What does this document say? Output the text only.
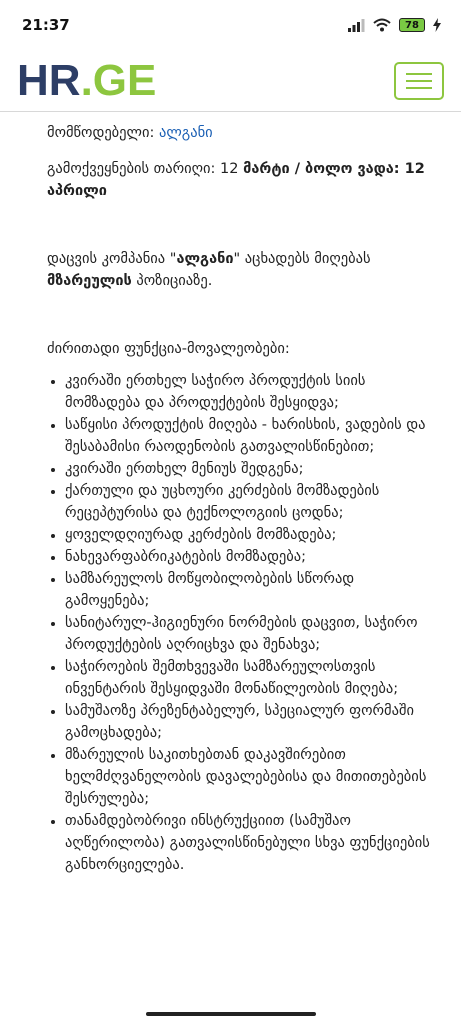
21:37	78
HR.GE

მომწოდებელი: ალგანი

გამოქვეყნების თარიღი: 12 მარტი / ბოლო ვადა: 12 აპრილი

დაცვის კომპანია "ალგანი" აცხადებს მიღებას მზარეულის პოზიციაზე.

ძირითადი ფუნქცია-მოვალეობები:

• კვირაში ერთხელ საჭირო პროდუქტის სიის მომზადება და პროდუქტების შესყიდვა;
• საწყისი პროდუქტის მიღება - ხარისხის, ვადების და შესაბამისი რაოდენობის გათვალისწინებით;
• კვირაში ერთხელ მენიუს შედგენა;
• ქართული და უცხოური კერძების მომზადების რეცეპტურისა და ტექნოლოგიის ცოდნა;
• ყოველდღიურად კერძების მომზადება;
• ნახევარფაბრიკატების მომზადება;
• სამზარეულოს მოწყობილობების სწორად გამოყენება;
• სანიტარულ-ჰიგიენური ნორმების დაცვით, საჭირო პროდუქტების აღრიცხვა და შენახვა;
• საჭიროების შემთხვევაში სამზარეულოსთვის ინვენტარის შესყიდვაში მონაწილეობის მიღება;
• სამუშაოზე პრეზენტაბელურ, სპეციალურ ფორმაში გამოცხადება;
• მზარეულის საკითხებთან დაკავშირებით ხელმძღვანელობის დავალებებისა და მითითებების შესრულება;
• თანამდებობრივი ინსტრუქციით (სამუშაო აღწერილობა) გათვალისწინებული სხვა ფუნქციების განხორციელება.
